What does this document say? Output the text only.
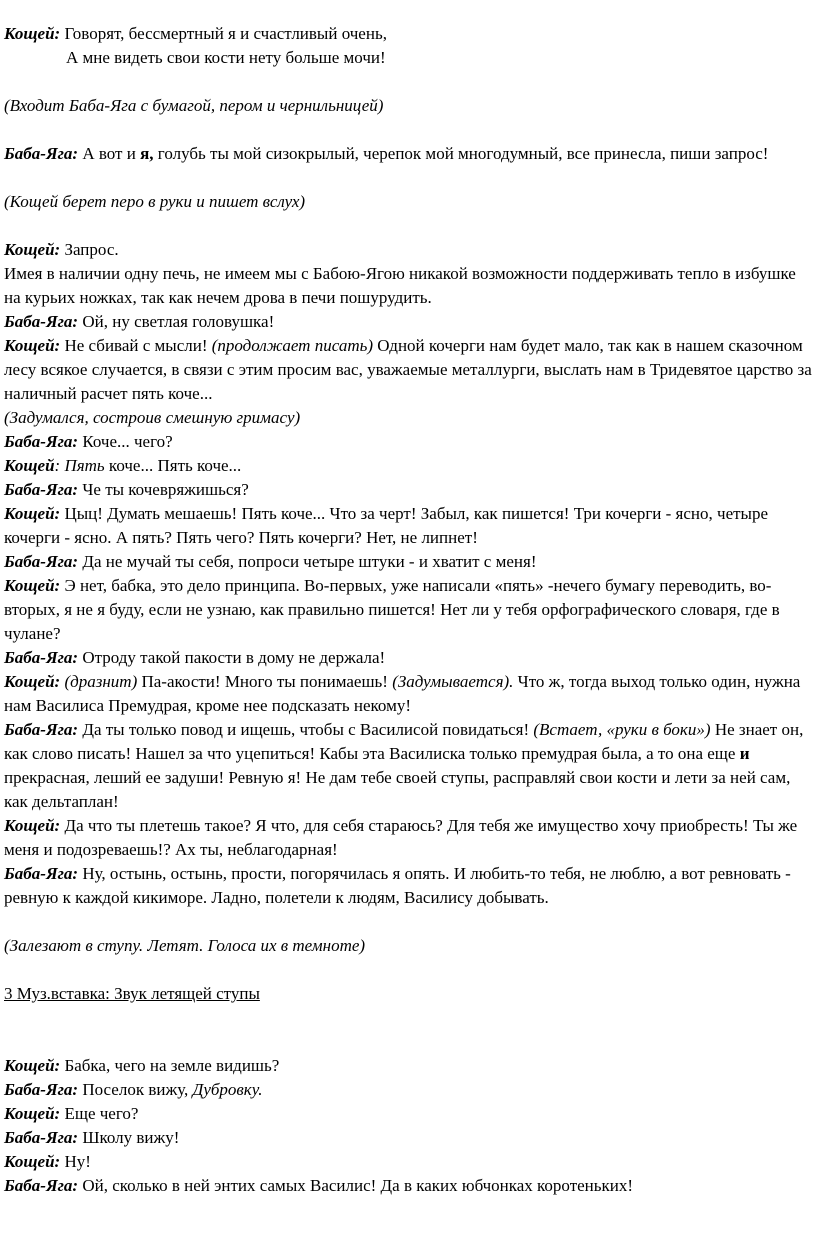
Кощей: Говорят, бессмертный я и счастливый очень,
А мне видеть свои кости нету больше мочи!

(Входит Баба-Яга с бумагой, пером и чернильницей)

Баба-Яга: А вот и я, голубь ты мой сизокрылый, черепок мой многодумный, все принесла, пиши запрос!

(Кощей берет перо в руки и пишет вслух)

Кощей: Запрос.
Имея в наличии одну печь, не имеем мы с Бабою-Ягою никакой возможности поддерживать тепло в избушке на курьих ножках, так как нечем дрова в печи пошурудить.

Баба-Яга: Ой, ну светлая головушка!

Кощей: Не сбивай с мысли! (продолжает писать) Одной кочерги нам будет мало, так как в нашем сказочном лесу всякое случается, в связи с этим просим вас, уважаемые металлурги, выслать нам в Тридевятое царство за наличный расчет пять коче...
(Задумался, состроив смешную гримасу)

Баба-Яга: Коче... чего?

Кощей: Пять коче... Пять коче...

Баба-Яга: Че ты кочевряжишься?

Кощей: Цыц! Думать мешаешь! Пять коче... Что за черт! Забыл, как пишется! Три кочерги - ясно, четыре кочерги - ясно. А пять? Пять чего? Пять кочерги? Нет, не липнет!

Баба-Яга: Да не мучай ты себя, попроси четыре штуки - и хватит с меня!

Кощей: Э нет, бабка, это дело принципа. Во-первых, уже написали «пять» -нечего бумагу переводить, во-вторых, я не я буду, если не узнаю, как правильно пишется! Нет ли у тебя орфографического словаря, где в чулане?

Баба-Яга: Отроду такой пакости в дому не держала!

Кощей: (дразнит) Па-акости! Много ты понимаешь! (Задумывается). Что ж, тогда выход только один, нужна нам Василиса Премудрая, кроме нее подсказать некому!

Баба-Яга: Да ты только повод и ищешь, чтобы с Василисой повидаться! (Встает, «руки в боки») Не знает он, как слово писать! Нашел за что уцепиться! Кабы эта Василиска только премудрая была, а то она еще и прекрасная, леший ее задуши! Ревную я! Не дам тебе своей ступы, расправляй свои кости и лети за ней сам, как дельтаплан!

Кощей: Да что ты плетешь такое? Я что, для себя стараюсь? Для тебя же имущество хочу приобресть! Ты же меня и подозреваешь!? Ах ты, неблагодарная!

Баба-Яга: Ну, остынь, остынь, прости, погорячилась я опять. И любить-то тебя, не люблю, а вот ревновать - ревную к каждой кикиморе. Ладно, полетели к людям, Василису добывать.

(Залезают в ступу. Летят. Голоса их в темноте)

3 Муз.вставка: Звук летящей ступы

Кощей: Бабка, чего на земле видишь?

Баба-Яга: Поселок вижу, Дубровку.

Кощей: Еще чего?

Баба-Яга: Школу вижу!

Кощей: Ну!

Баба-Яга: Ой, сколько в ней энтих самых Василис! Да в каких юбчонках коротеньких!
